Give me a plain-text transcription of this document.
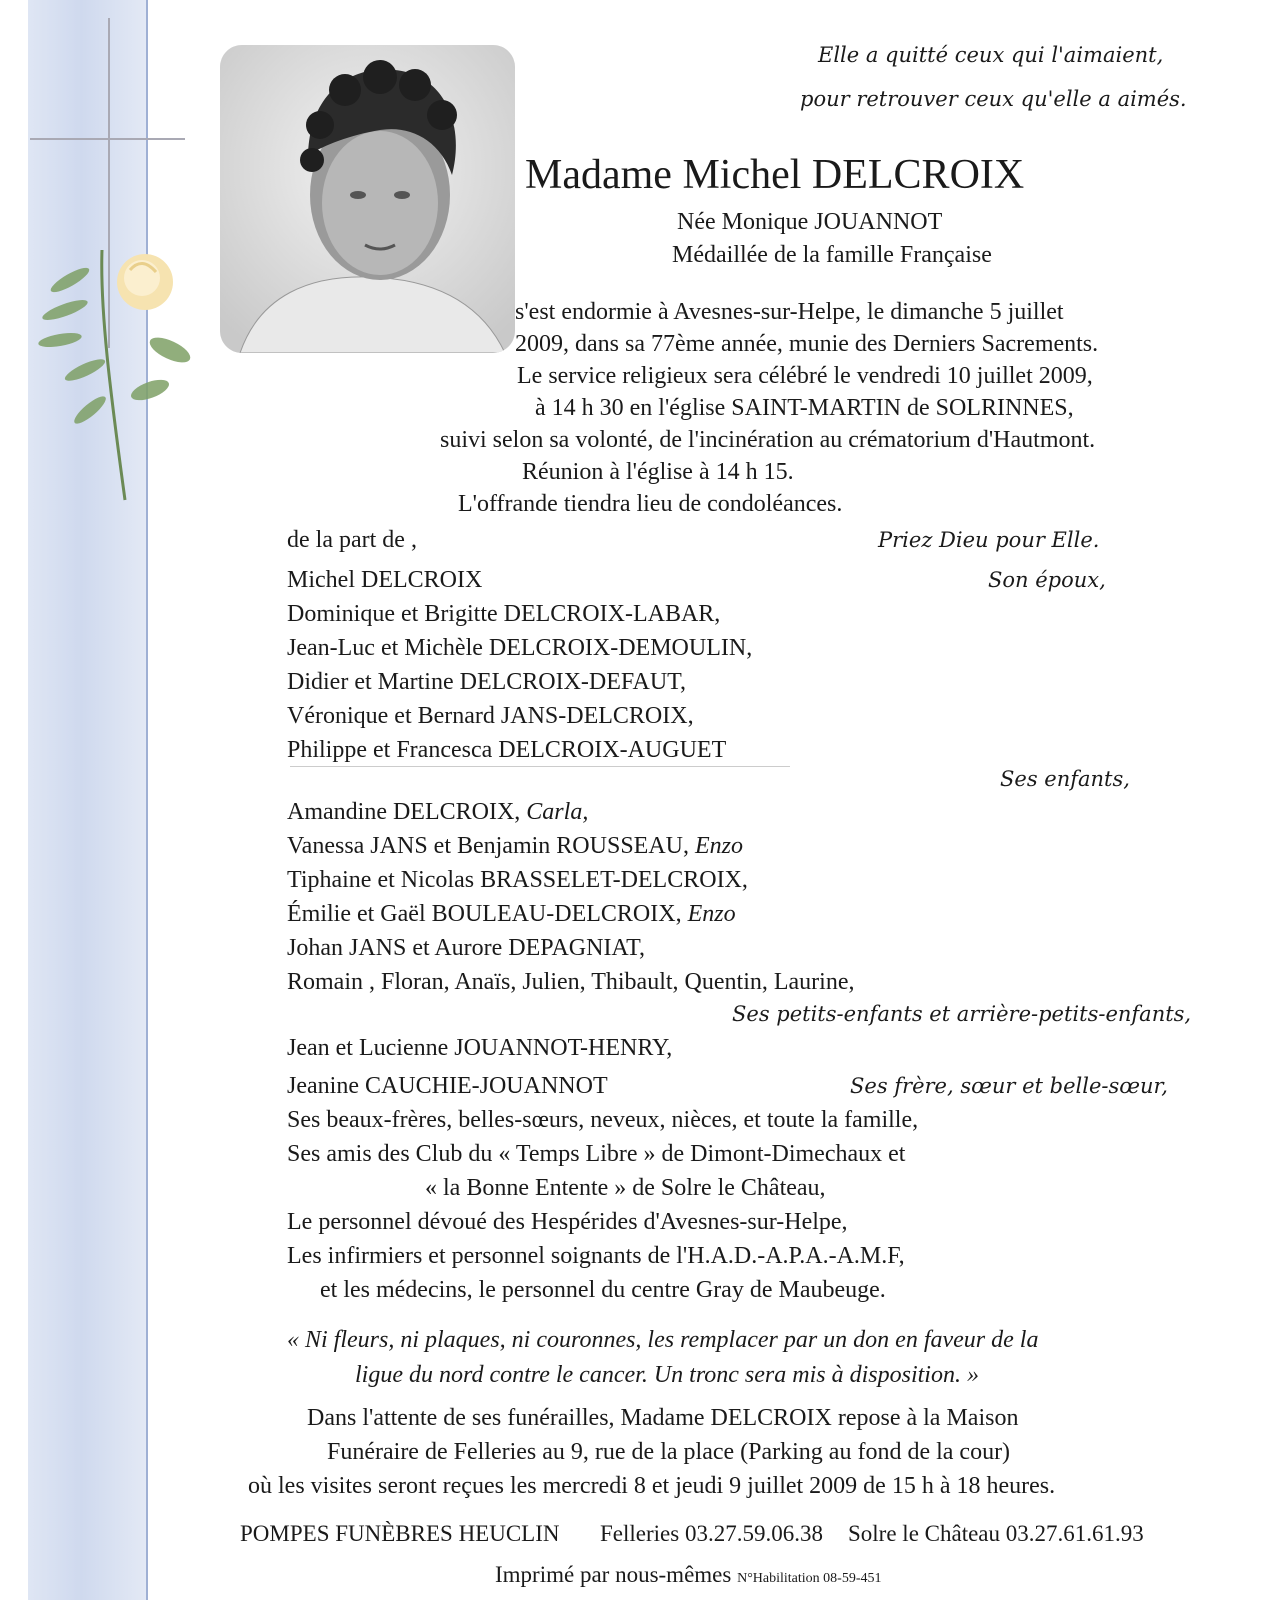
Elle a quitté ceux qui l'aimaient,
pour retrouver ceux qu'elle a aimés.
Madame Michel DELCROIX
Née Monique JOUANNOT
Médaillée de la famille Française
s'est endormie à Avesnes-sur-Helpe, le dimanche 5 juillet
2009, dans sa 77ème année, munie des Derniers Sacrements.
Le service religieux sera célébré le vendredi 10 juillet 2009,
à 14 h 30 en l'église SAINT-MARTIN de SOLRINNES,
suivi selon sa volonté, de l'incinération au crématorium d'Hautmont.
Réunion à l'église à 14 h 15.
L'offrande tiendra lieu de condoléances.
de la part de ,	Priez Dieu pour Elle.
Michel DELCROIX	Son époux,
Dominique et Brigitte DELCROIX-LABAR,
Jean-Luc et Michèle DELCROIX-DEMOULIN,
Didier et Martine DELCROIX-DEFAUT,
Véronique et Bernard JANS-DELCROIX,
Philippe et Francesca DELCROIX-AUGUET
Ses enfants,
Amandine DELCROIX, Carla,
Vanessa JANS et Benjamin ROUSSEAU, Enzo
Tiphaine et Nicolas BRASSELET-DELCROIX,
Émilie et Gaël BOULEAU-DELCROIX, Enzo
Johan JANS et Aurore DEPAGNIAT,
Romain , Floran, Anaïs, Julien, Thibault, Quentin, Laurine,
Ses petits-enfants et arrière-petits-enfants,
Jean et Lucienne JOUANNOT-HENRY,
Jeanine CAUCHIE-JOUANNOT	Ses frère, sœur et belle-sœur,
Ses beaux-frères, belles-sœurs, neveux, nièces, et toute la famille,
Ses amis des Club du « Temps Libre » de Dimont-Dimechaux et
« la Bonne Entente » de Solre le Château,
Le personnel dévoué des Hespérides d'Avesnes-sur-Helpe,
Les infirmiers et personnel soignants de l'H.A.D.-A.P.A.-A.M.F,
et les médecins, le personnel du centre Gray de Maubeuge.
« Ni fleurs, ni plaques, ni couronnes, les remplacer par un don en faveur de la
ligue du nord contre le cancer. Un tronc sera mis à disposition. »
Dans l'attente de ses funérailles, Madame DELCROIX repose à la Maison
Funéraire de Felleries au 9, rue de la place (Parking au fond de la cour)
où les visites seront reçues les mercredi 8 et jeudi 9 juillet 2009 de 15 h à 18 heures.
POMPES FUNÈBRES HEUCLIN Felleries 03.27.59.06.38 Solre le Château 03.27.61.61.93
Imprimé par nous-mêmes N°Habilitation 08-59-451
